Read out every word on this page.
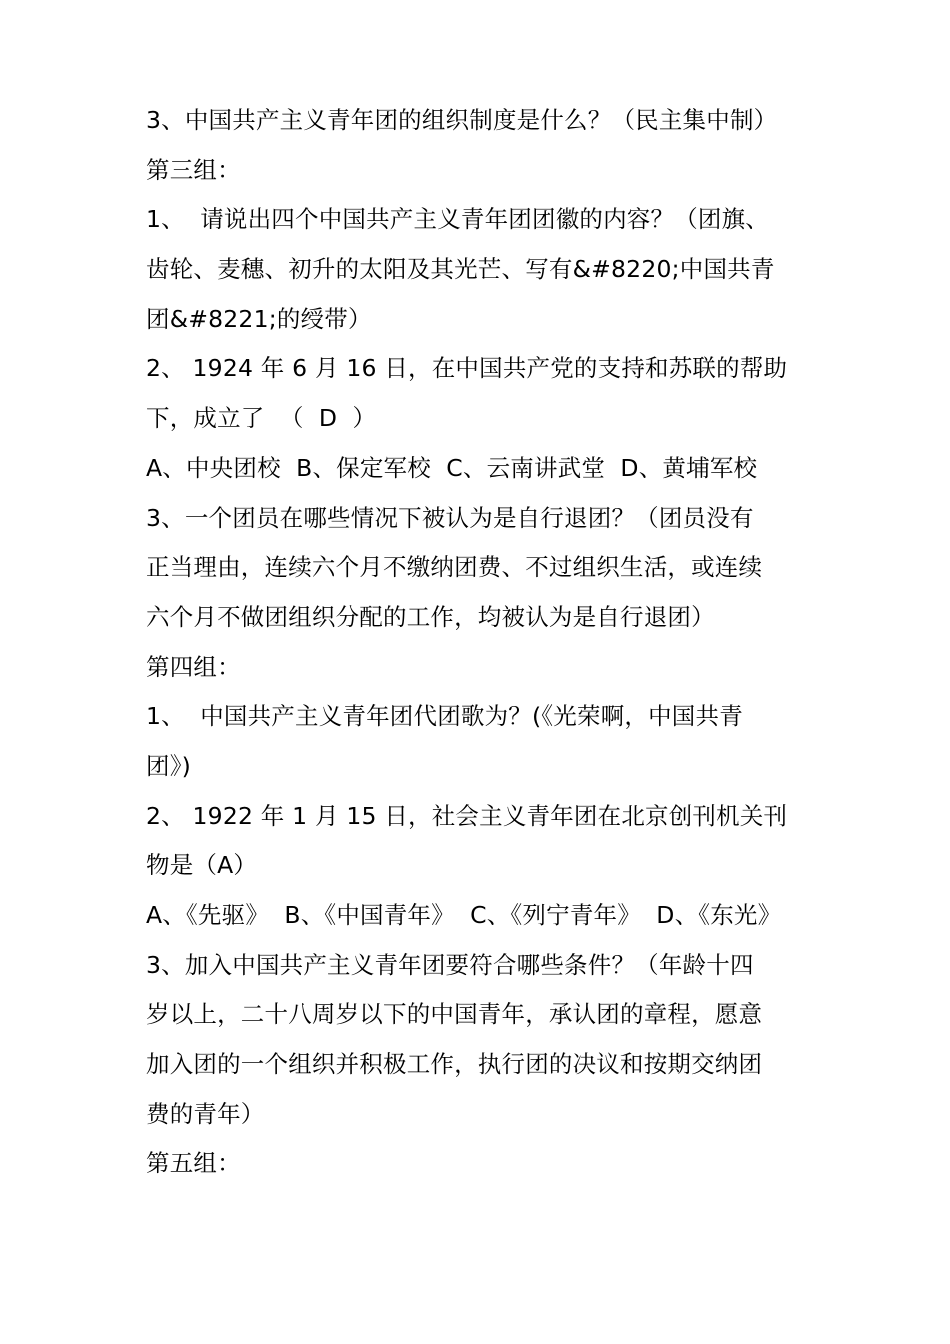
3、中国共产主义青年团的组织制度是什么？（民主集中制）
第三组：
1、  请说出四个中国共产主义青年团团徽的内容？（团旗、
齿轮、麦穗、初升的太阳及其光芒、写有&#8220;中国共青
团&#8221;的绶带）
2、 1924 年 6 月 16 日，在中国共产党的支持和苏联的帮助
下，成立了  （  D  ）
A、中央团校  B、保定军校  C、云南讲武堂  D、黄埔军校
3、一个团员在哪些情况下被认为是自行退团？（团员没有
正当理由，连续六个月不缴纳团费、不过组织生活，或连续
六个月不做团组织分配的工作，均被认为是自行退团）
第四组：
1、  中国共产主义青年团代团歌为？(《光荣啊，中国共青
团》)
2、 1922 年 1 月 15 日，社会主义青年团在北京创刊机关刊
物是（A）
A、《先驱》  B、《中国青年》  C、《列宁青年》  D、《东光》
3、加入中国共产主义青年团要符合哪些条件？（年龄十四
岁以上，二十八周岁以下的中国青年，承认团的章程，愿意
加入团的一个组织并积极工作，执行团的决议和按期交纳团
费的青年）
第五组：
